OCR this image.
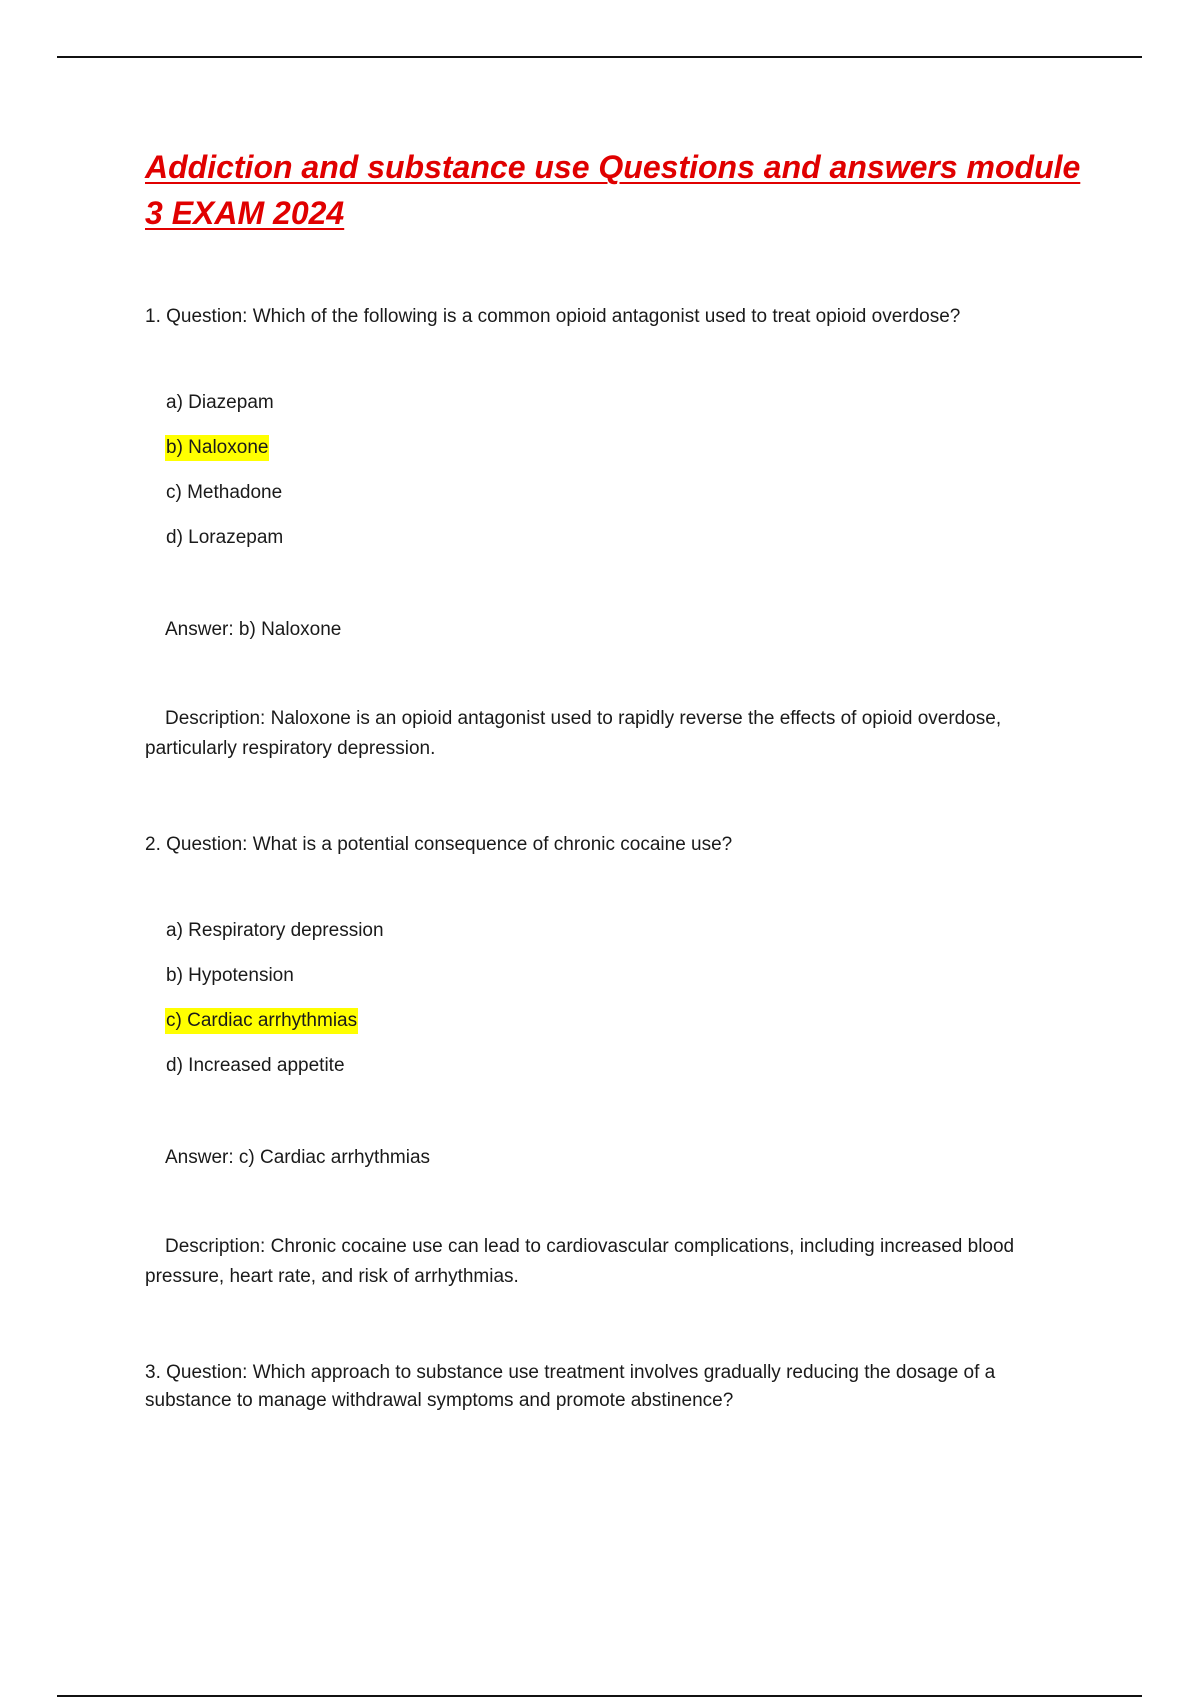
Addiction and substance use Questions and answers module 3 EXAM 2024

1. Question: Which of the following is a common opioid antagonist used to treat opioid overdose?

a) Diazepam
b) Naloxone
c) Methadone
d) Lorazepam

Answer: b) Naloxone

Description: Naloxone is an opioid antagonist used to rapidly reverse the effects of opioid overdose, particularly respiratory depression.

2. Question: What is a potential consequence of chronic cocaine use?

a) Respiratory depression
b) Hypotension
c) Cardiac arrhythmias
d) Increased appetite

Answer: c) Cardiac arrhythmias

Description: Chronic cocaine use can lead to cardiovascular complications, including increased blood pressure, heart rate, and risk of arrhythmias.

3. Question: Which approach to substance use treatment involves gradually reducing the dosage of a substance to manage withdrawal symptoms and promote abstinence?
